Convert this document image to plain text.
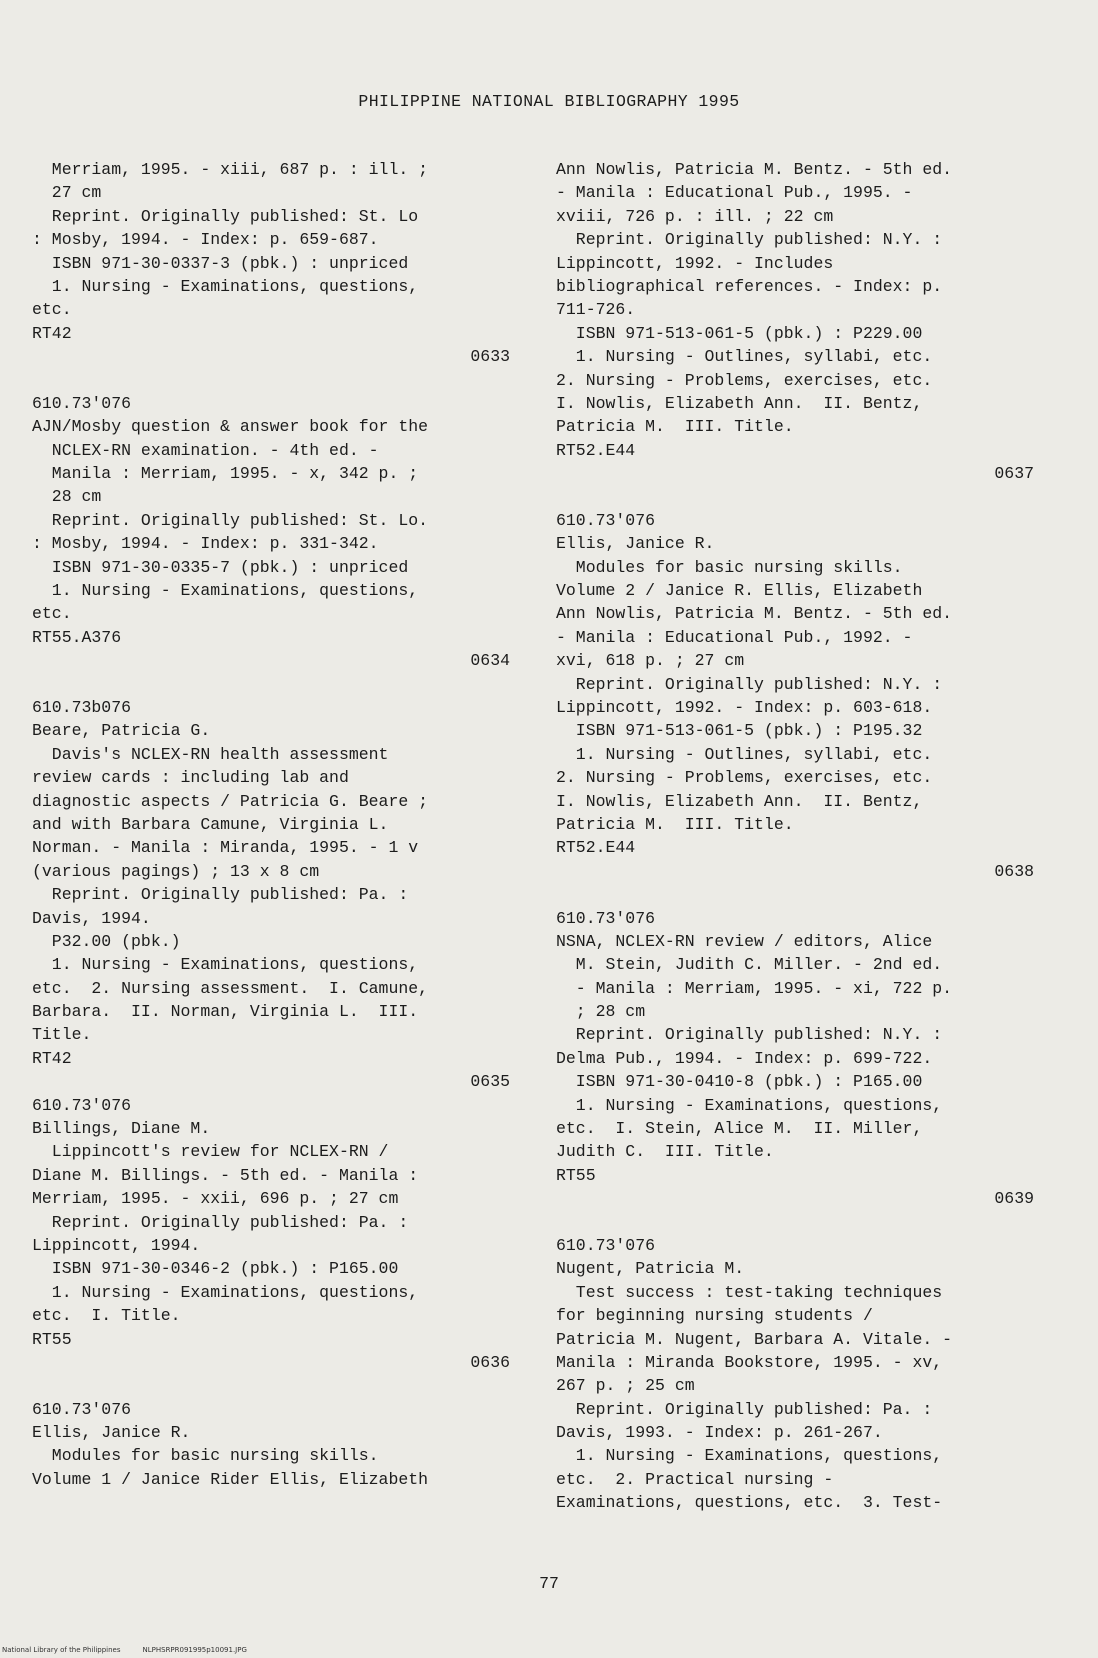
PHILIPPINE NATIONAL BIBLIOGRAPHY 1995
Merriam, 1995. - xiii, 687 p. : ill. ;
27 cm
Reprint. Originally published: St. Lo
: Mosby, 1994. - Index: p. 659-687.
ISBN 971-30-0337-3 (pbk.) : unpriced
1. Nursing - Examinations, questions,
etc.
RT42
0633
610.73'076
AJN/Mosby question & answer book for the
NCLEX-RN examination. - 4th ed. -
Manila : Merriam, 1995. - x, 342 p. ;
28 cm
Reprint. Originally published: St. Lo.
: Mosby, 1994. - Index: p. 331-342.
ISBN 971-30-0335-7 (pbk.) : unpriced
1. Nursing - Examinations, questions,
etc.
RT55.A376
0634
610.73b076
Beare, Patricia G.
Davis's NCLEX-RN health assessment
review cards : including lab and
diagnostic aspects / Patricia G. Beare ;
and with Barbara Camune, Virginia L.
Norman. - Manila : Miranda, 1995. - 1 v
(various pagings) ; 13 x 8 cm
Reprint. Originally published: Pa. :
Davis, 1994.
P32.00 (pbk.)
1. Nursing - Examinations, questions,
etc.  2. Nursing assessment.  I. Camune,
Barbara.  II. Norman, Virginia L.  III.
Title.
RT42
0635
610.73'076
Billings, Diane M.
Lippincott's review for NCLEX-RN /
Diane M. Billings. - 5th ed. - Manila :
Merriam, 1995. - xxii, 696 p. ; 27 cm
Reprint. Originally published: Pa. :
Lippincott, 1994.
ISBN 971-30-0346-2 (pbk.) : P165.00
1. Nursing - Examinations, questions,
etc.  I. Title.
RT55
0636
610.73'076
Ellis, Janice R.
Modules for basic nursing skills.
Volume 1 / Janice Rider Ellis, Elizabeth
Ann Nowlis, Patricia M. Bentz. - 5th ed.
- Manila : Educational Pub., 1995. -
xviii, 726 p. : ill. ; 22 cm
Reprint. Originally published: N.Y. :
Lippincott, 1992. - Includes
bibliographical references. - Index: p.
711-726.
ISBN 971-513-061-5 (pbk.) : P229.00
1. Nursing - Outlines, syllabi, etc.
2. Nursing - Problems, exercises, etc.
I. Nowlis, Elizabeth Ann.  II. Bentz,
Patricia M.  III. Title.
RT52.E44
0637
610.73'076
Ellis, Janice R.
Modules for basic nursing skills.
Volume 2 / Janice R. Ellis, Elizabeth
Ann Nowlis, Patricia M. Bentz. - 5th ed.
- Manila : Educational Pub., 1992. -
xvi, 618 p. ; 27 cm
Reprint. Originally published: N.Y. :
Lippincott, 1992. - Index: p. 603-618.
ISBN 971-513-061-5 (pbk.) : P195.32
1. Nursing - Outlines, syllabi, etc.
2. Nursing - Problems, exercises, etc.
I. Nowlis, Elizabeth Ann.  II. Bentz,
Patricia M.  III. Title.
RT52.E44
0638
610.73'076
NSNA, NCLEX-RN review / editors, Alice
M. Stein, Judith C. Miller. - 2nd ed.
- Manila : Merriam, 1995. - xi, 722 p.
; 28 cm
Reprint. Originally published: N.Y. :
Delma Pub., 1994. - Index: p. 699-722.
ISBN 971-30-0410-8 (pbk.) : P165.00
1. Nursing - Examinations, questions,
etc.  I. Stein, Alice M.  II. Miller,
Judith C.  III. Title.
RT55
0639
610.73'076
Nugent, Patricia M.
Test success : test-taking techniques
for beginning nursing students /
Patricia M. Nugent, Barbara A. Vitale. -
Manila : Miranda Bookstore, 1995. - xv,
267 p. ; 25 cm
Reprint. Originally published: Pa. :
Davis, 1993. - Index: p. 261-267.
1. Nursing - Examinations, questions,
etc.  2. Practical nursing -
Examinations, questions, etc.  3. Test-
77
National Library of the Philippines	NLPHSRPR091995p10091.JPG
